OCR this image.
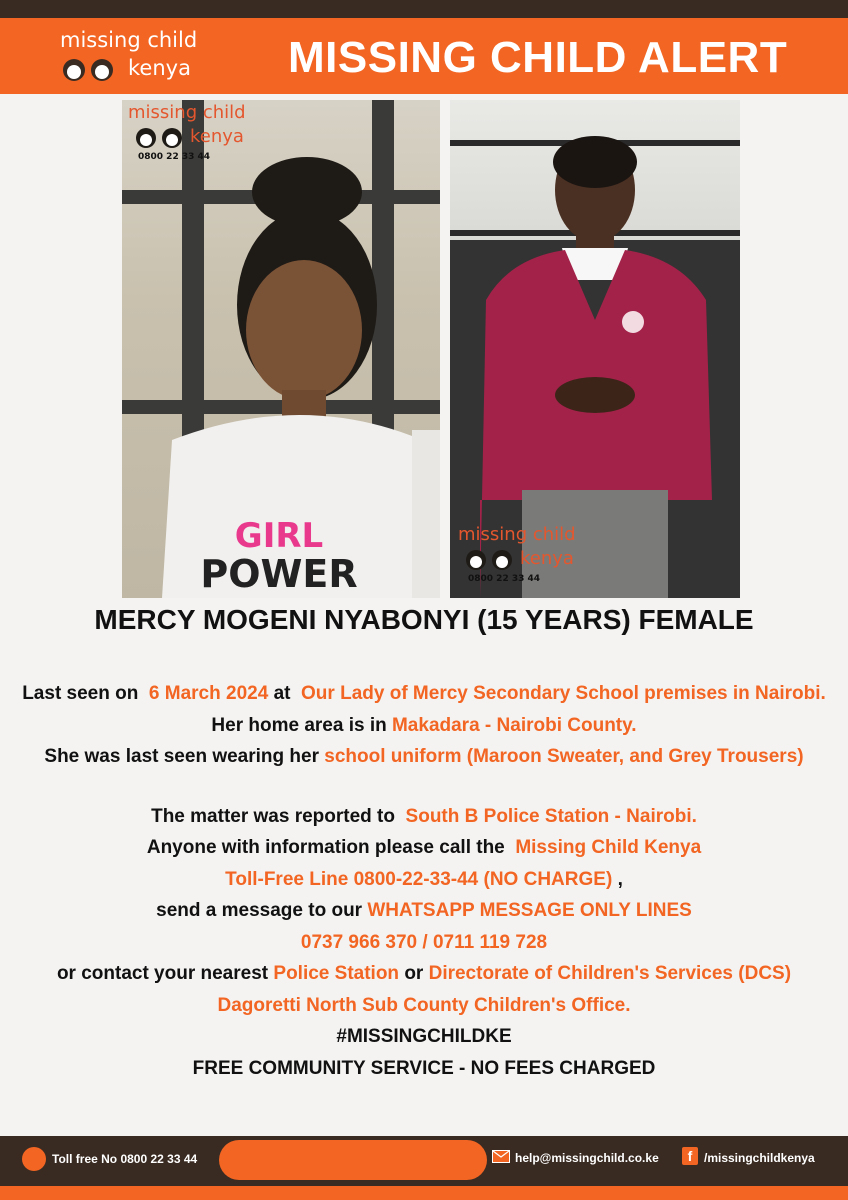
missing child
kenya MISSING CHILD ALERT
GIRL
POWER
missing child
kenya
0800 22 33 44
missing child
kenya
0800 22 33 44
MERCY MOGENI NYABONYI (15 YEARS) FEMALE
Last seen on 6 March 2024 at Our Lady of Mercy Secondary School premises in Nairobi.
Her home area is in Makadara - Nairobi County.
She was last seen wearing her school uniform (Maroon Sweater, and Grey Trousers)
The matter was reported to South B Police Station - Nairobi.
Anyone with information please call the Missing Child Kenya
Toll-Free Line 0800-22-33-44 (NO CHARGE) ,
send a message to our WHATSAPP MESSAGE ONLY LINES
0737 966 370 / 0711 119 728
or contact your nearest Police Station or Directorate of Children's Services (DCS) Dagoretti North Sub County Children's Office.
#MISSINGCHILDKE
FREE COMMUNITY SERVICE - NO FEES CHARGED
Toll free No 0800 22 33 44	help@missingchild.co.ke	f /missingchildkenya
